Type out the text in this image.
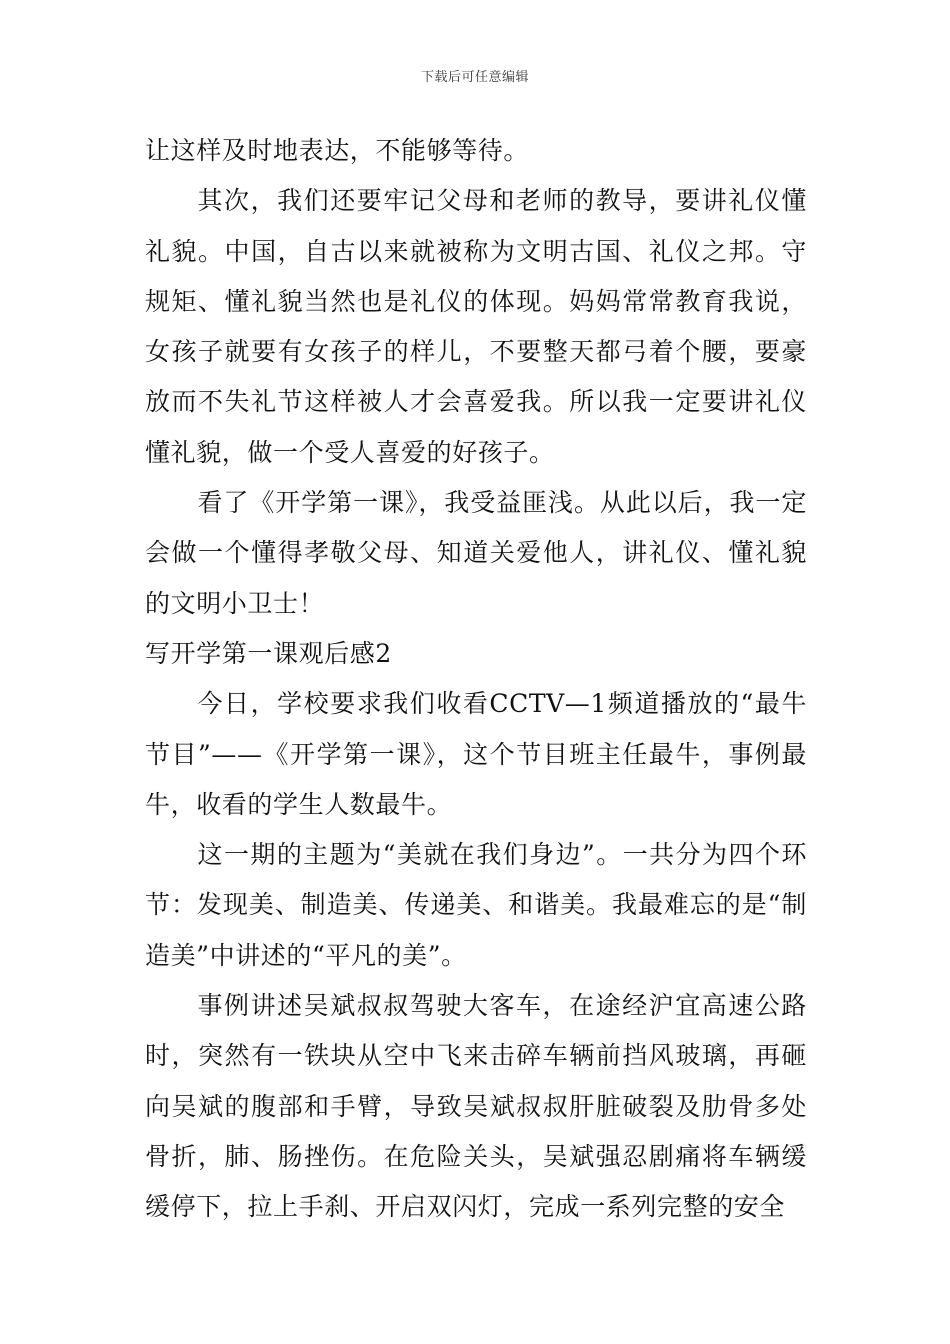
下载后可任意编辑

让这样及时地表达，不能够等待。

其次，我们还要牢记父母和老师的教导，要讲礼仪懂礼貌。中国，自古以来就被称为文明古国、礼仪之邦。守规矩、懂礼貌当然也是礼仪的体现。妈妈常常教育我说，女孩子就要有女孩子的样儿，不要整天都弓着个腰，要豪放而不失礼节这样被人才会喜爱我。所以我一定要讲礼仪懂礼貌，做一个受人喜爱的好孩子。

看了《开学第一课》，我受益匪浅。从此以后，我一定会做一个懂得孝敬父母、知道关爱他人，讲礼仪、懂礼貌的文明小卫士！

写开学第一课观后感2

今日，学校要求我们收看CCTV—1频道播放的“最牛节目”——《开学第一课》，这个节目班主任最牛，事例最牛，收看的学生人数最牛。

这一期的主题为“美就在我们身边”。一共分为四个环节：发现美、制造美、传递美、和谐美。我最难忘的是“制造美”中讲述的“平凡的美”。

事例讲述吴斌叔叔驾驶大客车，在途经沪宜高速公路时，突然有一铁块从空中飞来击碎车辆前挡风玻璃，再砸向吴斌的腹部和手臂，导致吴斌叔叔肝脏破裂及肋骨多处骨折，肺、肠挫伤。在危险关头，吴斌强忍剧痛将车辆缓缓停下，拉上手刹、开启双闪灯，完成一系列完整的安全
